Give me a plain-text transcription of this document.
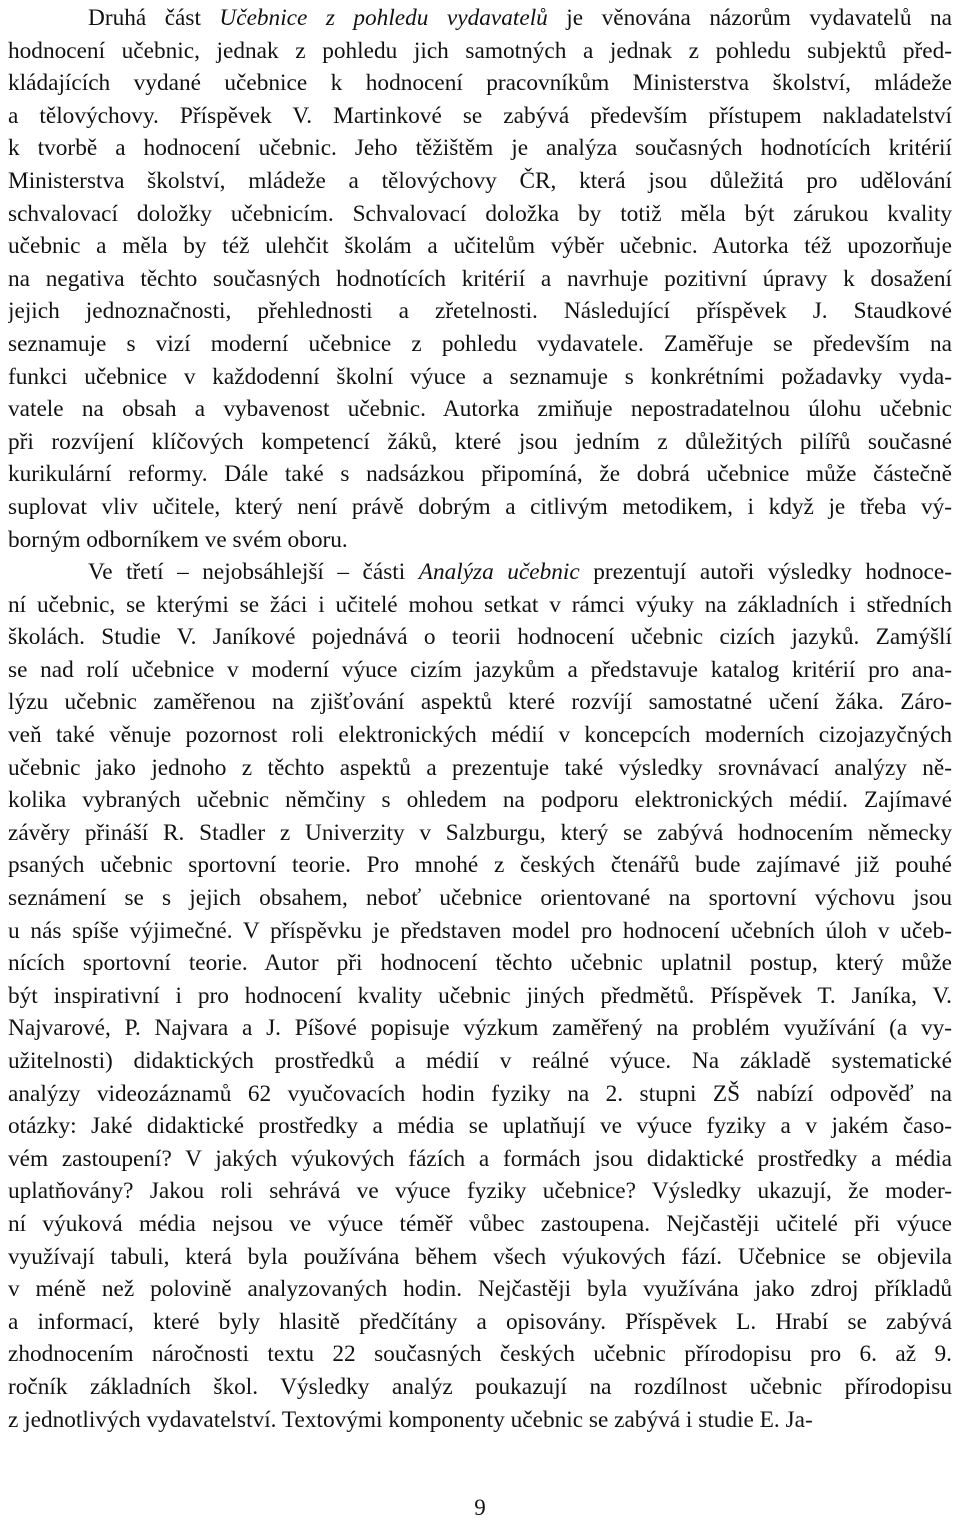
Druhá část Učebnice z pohledu vydavatelů je věnována názorům vydavatelů na
hodnocení učebnic, jednak z pohledu jich samotných a jednak z pohledu subjektů před-
kládajících vydané učebnice k hodnocení pracovníkům Ministerstva školství, mládeže
a tělovýchovy. Příspěvek V. Martinkové se zabývá především přístupem nakladatelství
k tvorbě a hodnocení učebnic. Jeho těžištěm je analýza současných hodnotících kritérií
Ministerstva školství, mládeže a tělovýchovy ČR, která jsou důležitá pro udělování
schvalovací doložky učebnicím. Schvalovací doložka by totiž měla být zárukou kvality
učebnic a měla by též ulehčit školám a učitelům výběr učebnic. Autorka též upozorňuje
na negativa těchto současných hodnotících kritérií a navrhuje pozitivní úpravy k dosažení
jejich jednoznačnosti, přehlednosti a zřetelnosti. Následující příspěvek J. Staudkové
seznamuje s vizí moderní učebnice z pohledu vydavatele. Zaměřuje se především na
funkci učebnice v každodenní školní výuce a seznamuje s konkrétními požadavky vyda-
vatele na obsah a vybavenost učebnic. Autorka zmiňuje nepostradatelnou úlohu učebnic
při rozvíjení klíčových kompetencí žáků, které jsou jedním z důležitých pilířů současné
kurikulární reformy. Dále také s nadsázkou připomíná, že dobrá učebnice může částečně
suplovat vliv učitele, který není právě dobrým a citlivým metodikem, i když je třeba vý-
borným odborníkem ve svém oboru.
Ve třetí – nejobsáhlejší – části Analýza učebnic prezentují autoři výsledky hodnoce-
ní učebnic, se kterými se žáci i učitelé mohou setkat v rámci výuky na základních i středních
školách. Studie V. Janíkové pojednává o teorii hodnocení učebnic cizích jazyků. Zamýšlí
se nad rolí učebnice v moderní výuce cizím jazykům a představuje katalog kritérií pro ana-
lýzu učebnic zaměřenou na zjišťování aspektů které rozvíjí samostatné učení žáka. Záro-
veň také věnuje pozornost roli elektronických médií v koncepcích moderních cizojazyčných
učebnic jako jednoho z těchto aspektů a prezentuje také výsledky srovnávací analýzy ně-
kolika vybraných učebnic němčiny s ohledem na podporu elektronických médií. Zajímavé
závěry přináší R. Stadler z Univerzity v Salzburgu, který se zabývá hodnocením německy
psaných učebnic sportovní teorie. Pro mnohé z českých čtenářů bude zajímavé již pouhé
seznámení se s jejich obsahem, neboť učebnice orientované na sportovní výchovu jsou
u nás spíše výjimečné. V příspěvku je představen model pro hodnocení učebních úloh v učeb-
nících sportovní teorie. Autor při hodnocení těchto učebnic uplatnil postup, který může
být inspirativní i pro hodnocení kvality učebnic jiných předmětů. Příspěvek T. Janíka, V.
Najvarové, P. Najvara a J. Píšové popisuje výzkum zaměřený na problém využívání (a vy-
užitelnosti) didaktických prostředků a médií v reálné výuce. Na základě systematické
analýzy videozáznamů 62 vyučovacích hodin fyziky na 2. stupni ZŠ nabízí odpověď na
otázky: Jaké didaktické prostředky a média se uplatňují ve výuce fyziky a v jakém časo-
vém zastoupení? V jakých výukových fázích a formách jsou didaktické prostředky a média
uplatňovány? Jakou roli sehrává ve výuce fyziky učebnice? Výsledky ukazují, že moder-
ní výuková média nejsou ve výuce téměř vůbec zastoupena. Nejčastěji učitelé při výuce
využívají tabuli, která byla používána během všech výukových fází. Učebnice se objevila
v méně než polovině analyzovaných hodin. Nejčastěji byla využívána jako zdroj příkladů
a informací, které byly hlasitě předčítány a opisovány. Příspěvek L. Hrabí se zabývá
zhodnocením náročnosti textu 22 současných českých učebnic přírodopisu pro 6. až 9.
ročník základních škol. Výsledky analýz poukazují na rozdílnost učebnic přírodopisu
z jednotlivých vydavatelství. Textovými komponenty učebnic se zabývá i studie E. Ja-
9
